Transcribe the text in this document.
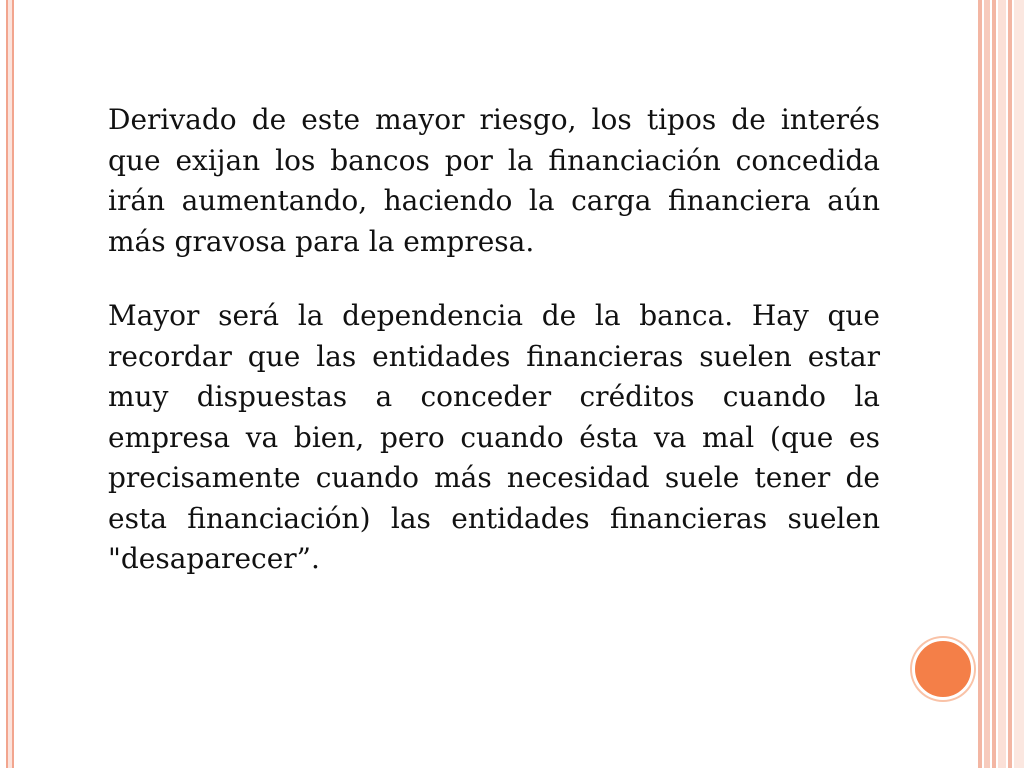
Derivado de este mayor riesgo, los tipos de interés que exijan los bancos por la financiación concedida irán aumentando, haciendo la carga financiera aún más gravosa para la empresa.

Mayor será la dependencia de la banca. Hay que recordar que las entidades financieras suelen estar muy dispuestas a conceder créditos cuando la empresa va bien, pero cuando ésta va mal (que es precisamente cuando más necesidad suele tener de esta financiación) las entidades financieras suelen "desaparecer”.
